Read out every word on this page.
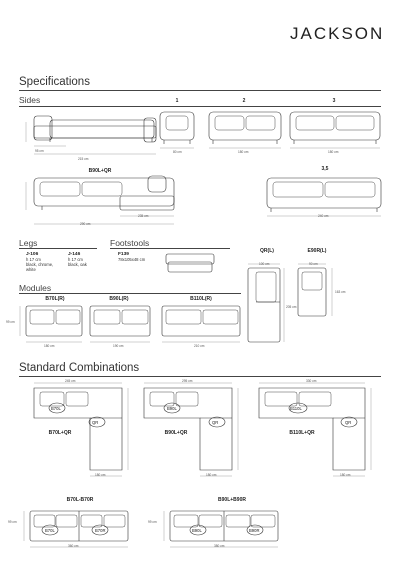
JACKSON
Specifications
Sides
95 cm
215 cm
1
80 cm
2
180 cm
3
180 cm
B90L+QR
235 cm
290 cm
3,5
240 cm
Legs
J-106
h 17 cm
black, chrome,
white
J-146
h 17 cm
black, oak
Footstools
F139
78x105x48 cm
QR(L)
100 cm
205 cm
E90R(L)
90 cm
163 cm
Modules
B70L(R)
180 cm
99 cm
B90L(R)
190 cm
B110L(R)
210 cm
Standard Combinations
245 cm
B70L
QR
B70L+QR
180 cm
295 cm
B90L
QR
B90L+QR
180 cm
330 cm
B110L
QR
B110L+QR
180 cm
B70L-B70R
B70L	B70R
360 cm
99 cm
B90L+B90R
B90L	B90R
380 cm
99 cm
